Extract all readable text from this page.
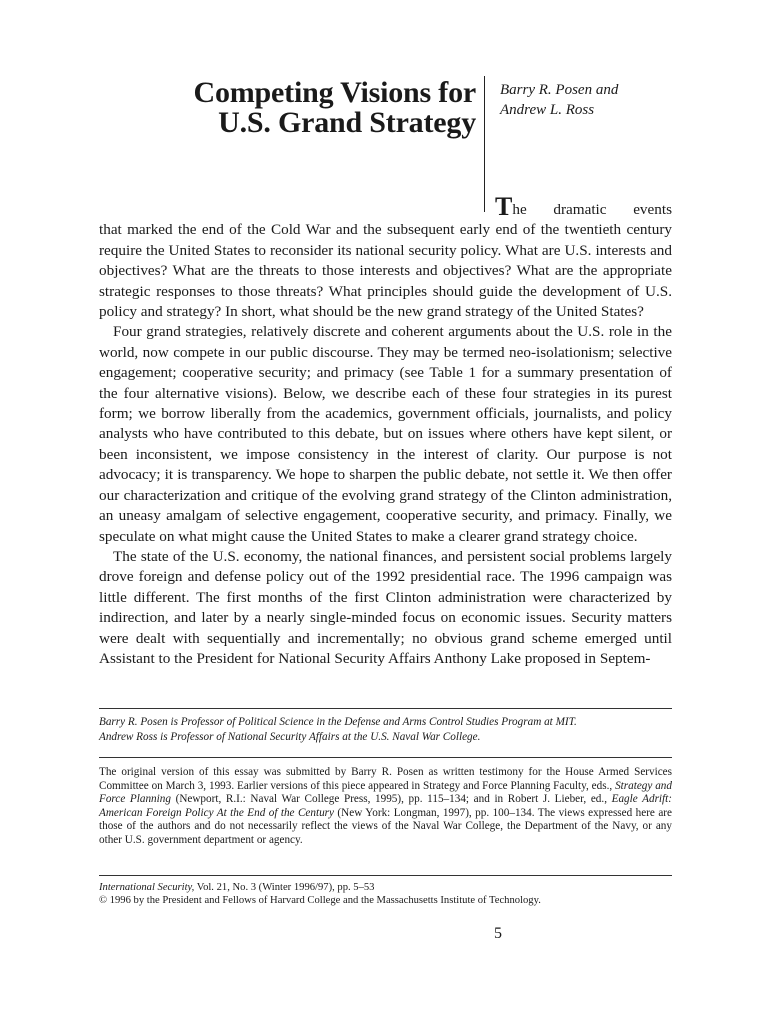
Competing Visions for
U.S. Grand Strategy
Barry R. Posen and
Andrew L. Ross

The dramatic events
that marked the end of the Cold War and the subsequent early end of the twentieth century require the United States to reconsider its national security policy. What are U.S. interests and objectives? What are the threats to those interests and objectives? What are the appropriate strategic responses to those threats? What principles should guide the development of U.S. policy and strategy? In short, what should be the new grand strategy of the United States?

Four grand strategies, relatively discrete and coherent arguments about the U.S. role in the world, now compete in our public discourse. They may be termed neo-isolationism; selective engagement; cooperative security; and primacy (see Table 1 for a summary presentation of the four alternative visions). Below, we describe each of these four strategies in its purest form; we borrow liberally from the academics, government officials, journalists, and policy analysts who have contributed to this debate, but on issues where others have kept silent, or been inconsistent, we impose consistency in the interest of clarity. Our purpose is not advocacy; it is transparency. We hope to sharpen the public debate, not settle it. We then offer our characterization and critique of the evolving grand strategy of the Clinton administration, an uneasy amalgam of selective engagement, cooperative security, and primacy. Finally, we speculate on what might cause the United States to make a clearer grand strategy choice.

The state of the U.S. economy, the national finances, and persistent social problems largely drove foreign and defense policy out of the 1992 presidential race. The 1996 campaign was little different. The first months of the first Clinton administration were characterized by indirection, and later by a nearly single-minded focus on economic issues. Security matters were dealt with sequentially and incrementally; no obvious grand scheme emerged until Assistant to the President for National Security Affairs Anthony Lake proposed in Septem-

Barry R. Posen is Professor of Political Science in the Defense and Arms Control Studies Program at MIT.
Andrew Ross is Professor of National Security Affairs at the U.S. Naval War College.
The original version of this essay was submitted by Barry R. Posen as written testimony for the House Armed Services Committee on March 3, 1993. Earlier versions of this piece appeared in Strategy and Force Planning Faculty, eds., Strategy and Force Planning (Newport, R.I.: Naval War College Press, 1995), pp. 115–134; and in Robert J. Lieber, ed., Eagle Adrift: American Foreign Policy At the End of the Century (New York: Longman, 1997), pp. 100–134. The views expressed here are those of the authors and do not necessarily reflect the views of the Naval War College, the Department of the Navy, or any other U.S. government department or agency.
International Security, Vol. 21, No. 3 (Winter 1996/97), pp. 5–53
© 1996 by the President and Fellows of Harvard College and the Massachusetts Institute of Technology.
5
